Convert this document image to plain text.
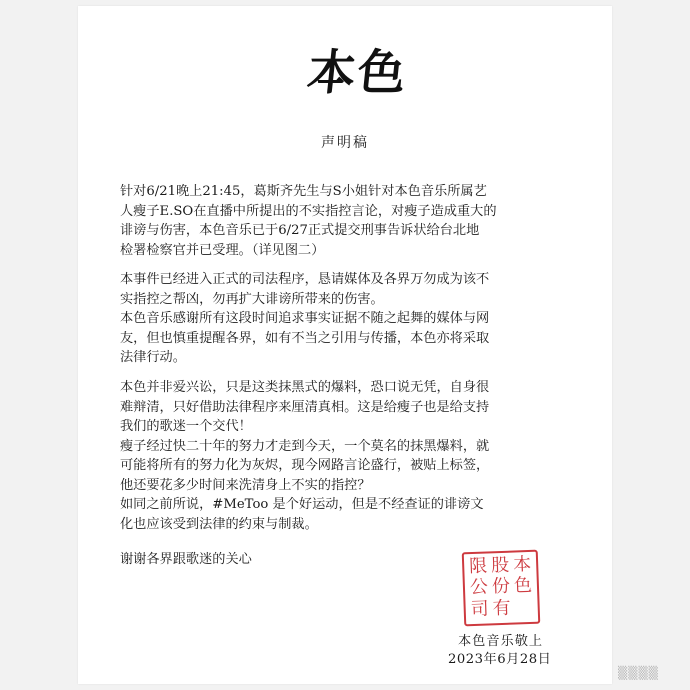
本色
声明稿

针对6/21晚上21:45，葛斯齐先生与S小姐针对本色音乐所属艺
人瘦子E.SO在直播中所提出的不实指控言论，对瘦子造成重大的
诽谤与伤害，本色音乐已于6/27正式提交刑事告诉状给台北地
检署检察官并已受理。（详见图二）

本事件已经进入正式的司法程序，恳请媒体及各界万勿成为该不
实指控之帮凶，勿再扩大诽谤所带来的伤害。

本色音乐感谢所有这段时间追求事实证据不随之起舞的媒体与网
友，但也慎重提醒各界，如有不当之引用与传播，本色亦将采取
法律行动。

本色并非爱兴讼，只是这类抹黑式的爆料，恐口说无凭，自身很
难辩清，只好借助法律程序来厘清真相。这是给瘦子也是给支持
我们的歌迷一个交代！
瘦子经过快二十年的努力才走到今天，一个莫名的抹黑爆料，就
可能将所有的努力化为灰烬，现今网路言论盛行，被贴上标签，
他还要花多少时间来洗清身上不实的指控？
如同之前所说，#MeToo 是个好运动，但是不经查证的诽谤文
化也应该受到法律的约束与制裁。

谢谢各界跟歌迷的关心	本
色
股
份
有
限
公
司
本色音乐敬上
2023年6月28日
▒▒▒▒
